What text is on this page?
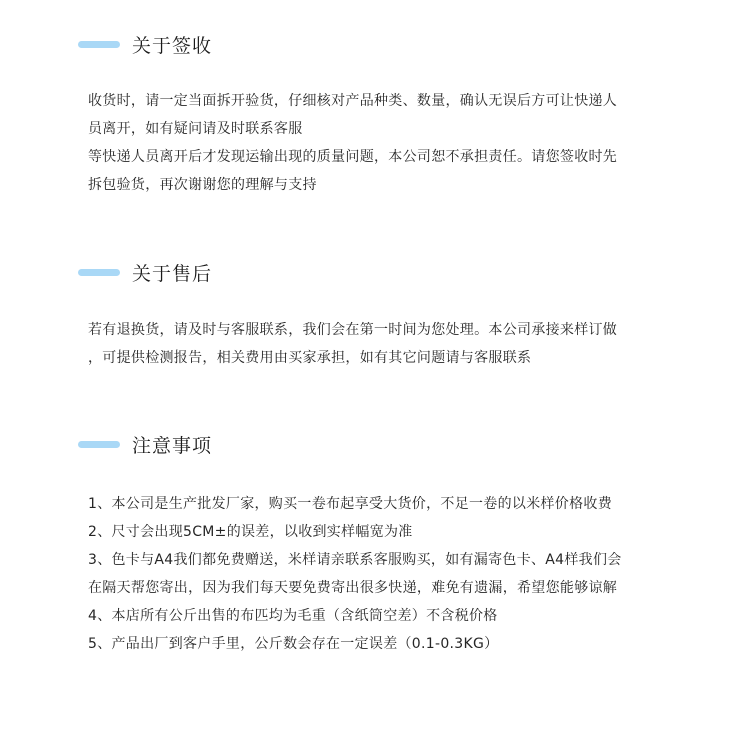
关于签收
收货时，请一定当面拆开验货，仔细核对产品种类、数量，确认无误后方可让快递人
员离开，如有疑问请及时联系客服
等快递人员离开后才发现运输出现的质量问题，本公司恕不承担责任。请您签收时先
拆包验货，再次谢谢您的理解与支持
关于售后
若有退换货，请及时与客服联系，我们会在第一时间为您处理。本公司承接来样订做
，可提供检测报告，相关费用由买家承担，如有其它问题请与客服联系
注意事项
1、本公司是生产批发厂家，购买一卷布起享受大货价，不足一卷的以米样价格收费
2、尺寸会出现5CM±的误差，以收到实样幅宽为准
3、色卡与A4我们都免费赠送，米样请亲联系客服购买，如有漏寄色卡、A4样我们会
在隔天帮您寄出，因为我们每天要免费寄出很多快递，难免有遗漏，希望您能够谅解
4、本店所有公斤出售的布匹均为毛重（含纸筒空差）不含税价格
5、产品出厂到客户手里，公斤数会存在一定误差（0.1-0.3KG）
